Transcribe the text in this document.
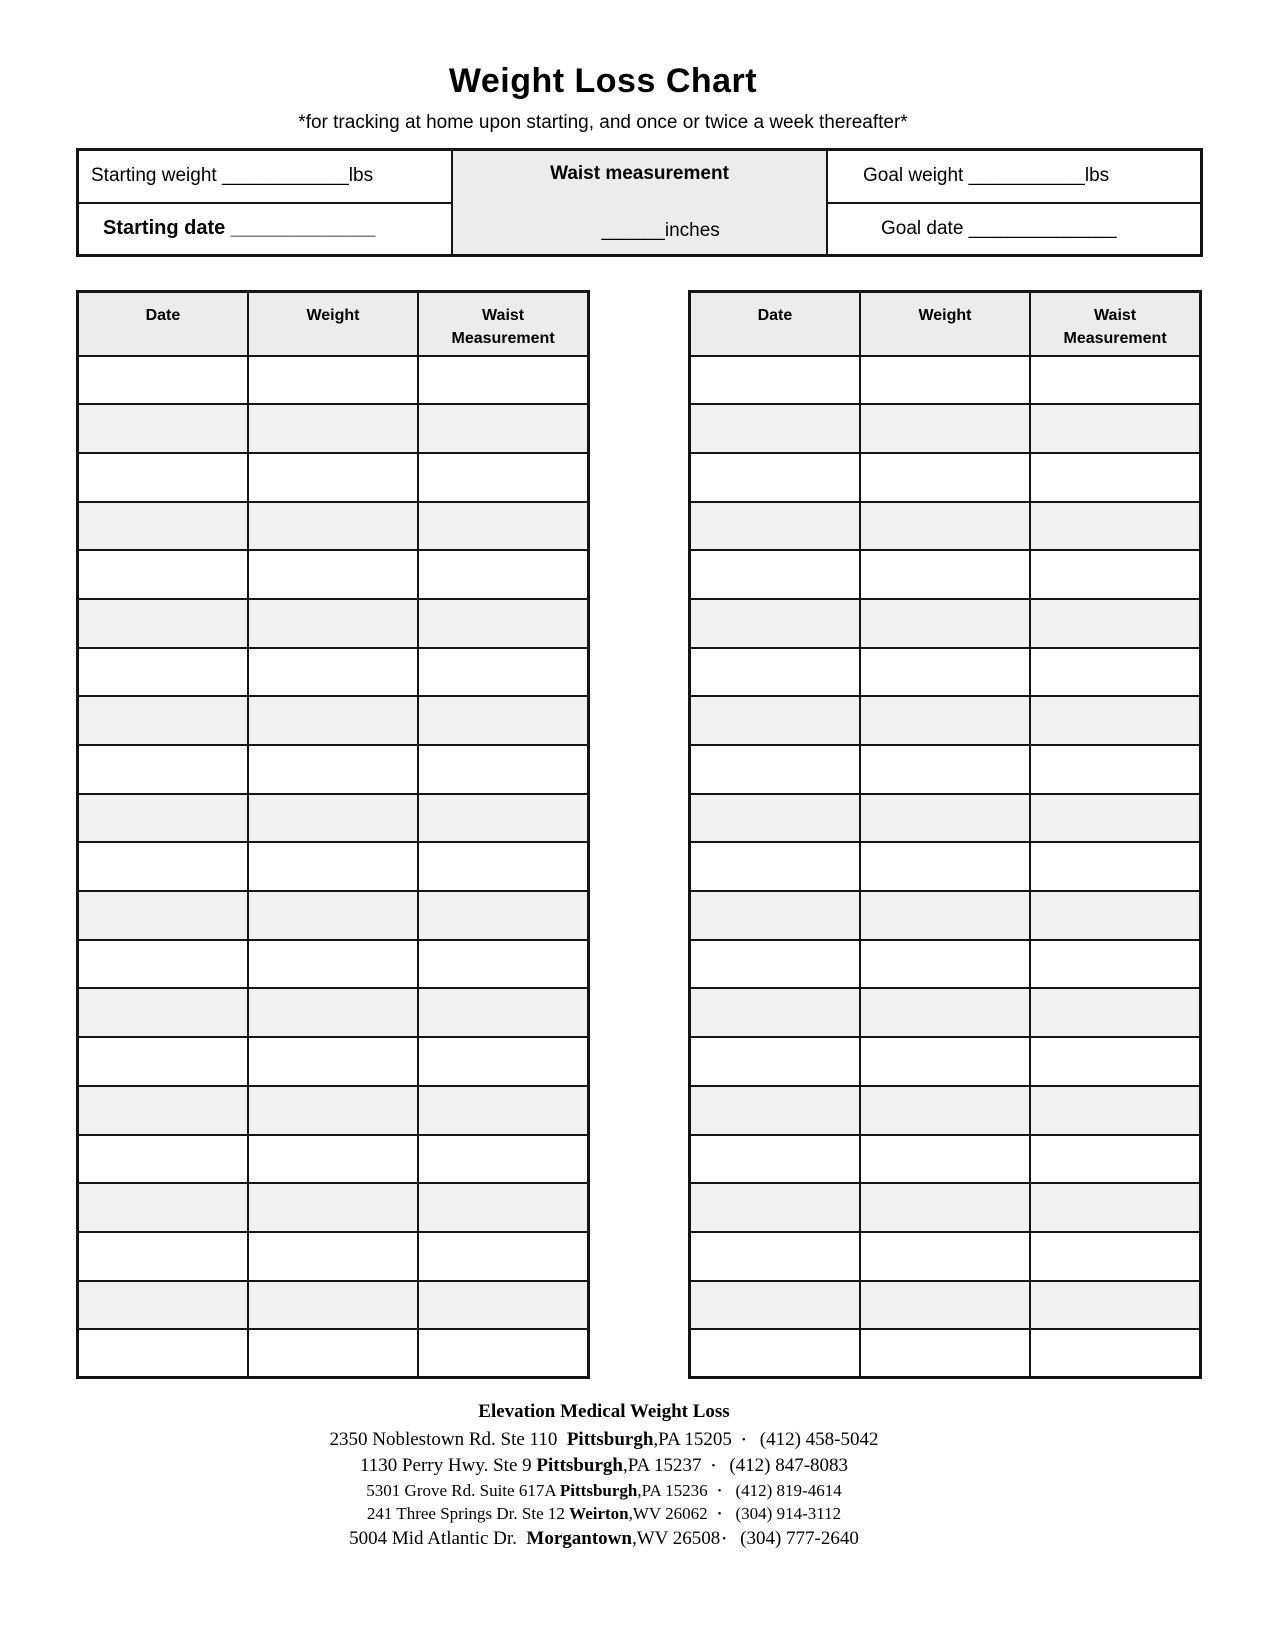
Weight Loss Chart
*for tracking at home upon starting, and once or twice a week thereafter*
Starting weight ____________ lbs
Starting date _____________
Waist measurement

______inches

Goal weight ___________ lbs
Goal date ______________
Date	Weight	Waist Measurement

Date	Weight	Waist Measurement

Elevation Medical Weight Loss
2350 Noblestown Rd. Ste 110  Pittsburgh,PA 15205 • (412) 458-5042
1130 Perry Hwy. Ste 9 Pittsburgh,PA 15237 • (412) 847-8083
5301 Grove Rd. Suite 617A Pittsburgh,PA 15236 • (412) 819-4614
241 Three Springs Dr. Ste 12 Weirton,WV 26062 • (304) 914-3112
5004 Mid Atlantic Dr.  Morgantown,WV 26508 • (304) 777-2640
